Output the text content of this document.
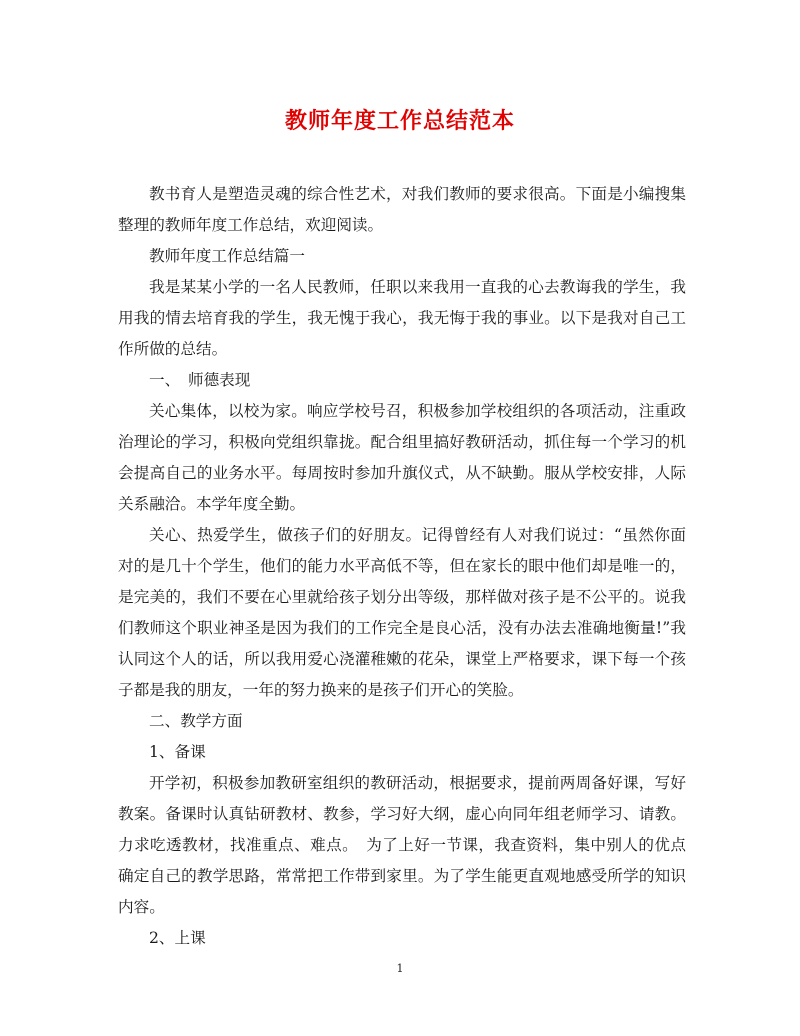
教师年度工作总结范本

教书育人是塑造灵魂的综合性艺术，对我们教师的要求很高。下面是小编搜集整理的教师年度工作总结，欢迎阅读。

教师年度工作总结篇一

我是某某小学的一名人民教师，任职以来我用一直我的心去教诲我的学生，我用我的情去培育我的学生，我无愧于我心，我无悔于我的事业。以下是我对自己工作所做的总结。

一、　师德表现

关心集体，以校为家。响应学校号召，积极参加学校组织的各项活动，注重政治理论的学习，积极向党组织靠拢。配合组里搞好教研活动，抓住每一个学习的机会提高自己的业务水平。每周按时参加升旗仪式，从不缺勤。服从学校安排，人际关系融洽。本学年度全勤。

关心、热爱学生，做孩子们的好朋友。记得曾经有人对我们说过：“虽然你面对的是几十个学生，他们的能力水平高低不等，但在家长的眼中他们却是唯一的，是完美的，我们不要在心里就给孩子划分出等级，那样做对孩子是不公平的。说我们教师这个职业神圣是因为我们的工作完全是良心活，没有办法去准确地衡量!”我认同这个人的话，所以我用爱心浇灌稚嫩的花朵，课堂上严格要求，课下每一个孩子都是我的朋友，一年的努力换来的是孩子们开心的笑脸。

二、教学方面

1、备课

开学初，积极参加教研室组织的教研活动，根据要求，提前两周备好课，写好教案。备课时认真钻研教材、教参，学习好大纲，虚心向同年组老师学习、请教。力求吃透教材，找准重点、难点。　为了上好一节课，我查资料，集中别人的优点确定自己的教学思路，常常把工作带到家里。为了学生能更直观地感受所学的知识内容。

2、上课

1
